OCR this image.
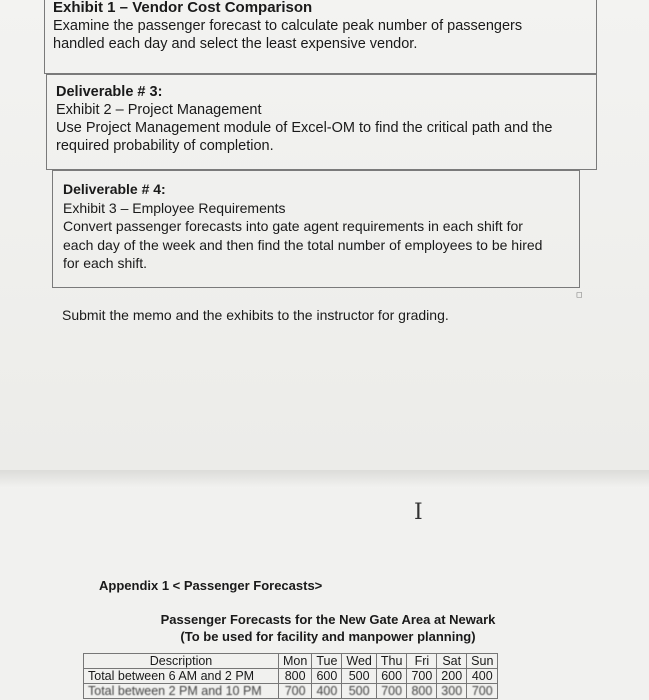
Exhibit 1 – Vendor Cost Comparison
Examine the passenger forecast to calculate peak number of passengers
handled each day and select the least expensive vendor.
Deliverable # 3:
Exhibit 2 – Project Management
Use Project Management module of Excel-OM to find the critical path and the
required probability of completion.
Deliverable # 4:
Exhibit 3 – Employee Requirements
Convert passenger forecasts into gate agent requirements in each shift for
each day of the week and then find the total number of employees to be hired
for each shift.
◻
Submit the memo and the exhibits to the instructor for grading.
I
Appendix 1 < Passenger Forecasts>
Passenger Forecasts for the New Gate Area at Newark
(To be used for facility and manpower planning)
Description	Mon	Tue	Wed	Thu	Fri	Sat	Sun
Total between 6 AM and 2 PM	800	600	500	600	700	200	400
Total between 2 PM and 10 PM	700	400	500	700	800	300	700
